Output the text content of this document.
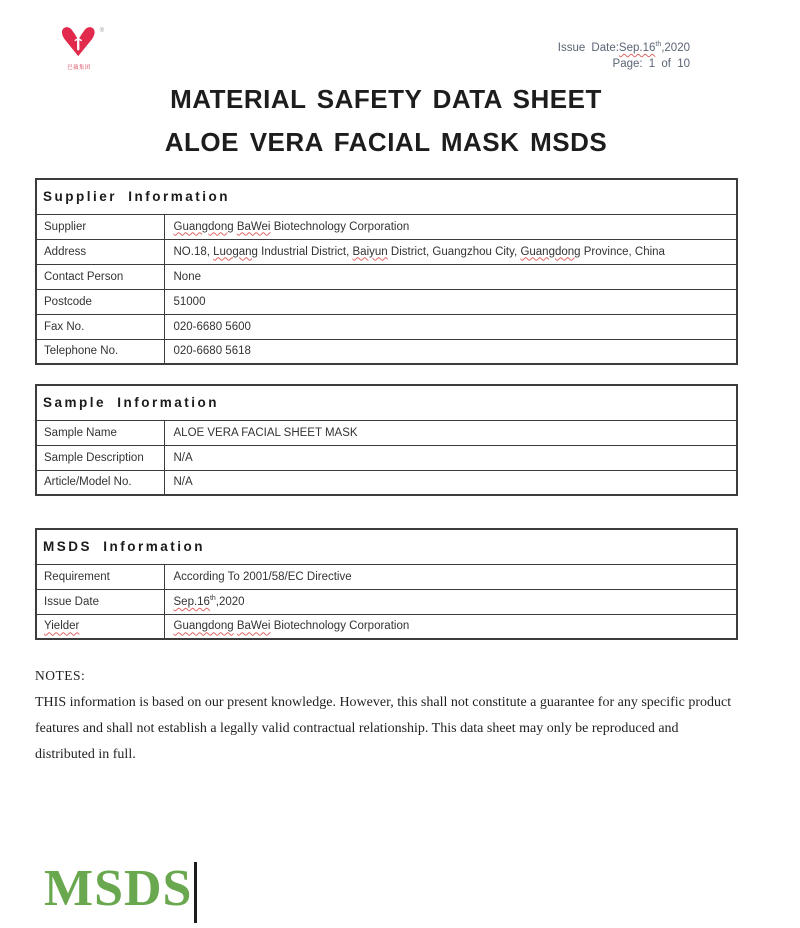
®
巴薇集团
Issue Date:Sep.16th,2020
Page: 1 of 10
MATERIAL SAFETY DATA SHEET
ALOE VERA FACIAL MASK MSDS
Supplier Information	
Supplier	Guangdong BaWei Biotechnology Corporation
Address	NO.18, Luogang Industrial District, Baiyun District, Guangzhou City, Guangdong Province, China
Contact Person	None
Postcode	51000
Fax No.	020-6680 5600
Telephone No.	020-6680 5618
Sample Information	
Sample Name	ALOE VERA FACIAL SHEET MASK
Sample Description	N/A
Article/Model No.	N/A
MSDS Information	
Requirement	According To 2001/58/EC Directive
Issue Date	Sep.16th,2020
Yielder	Guangdong BaWei Biotechnology Corporation
NOTES:
THIS information is based on our present knowledge. However, this shall not constitute a guarantee for any specific product features and shall not establish a legally valid contractual relationship. This data sheet may only be reproduced and distributed in full.
MSDS
